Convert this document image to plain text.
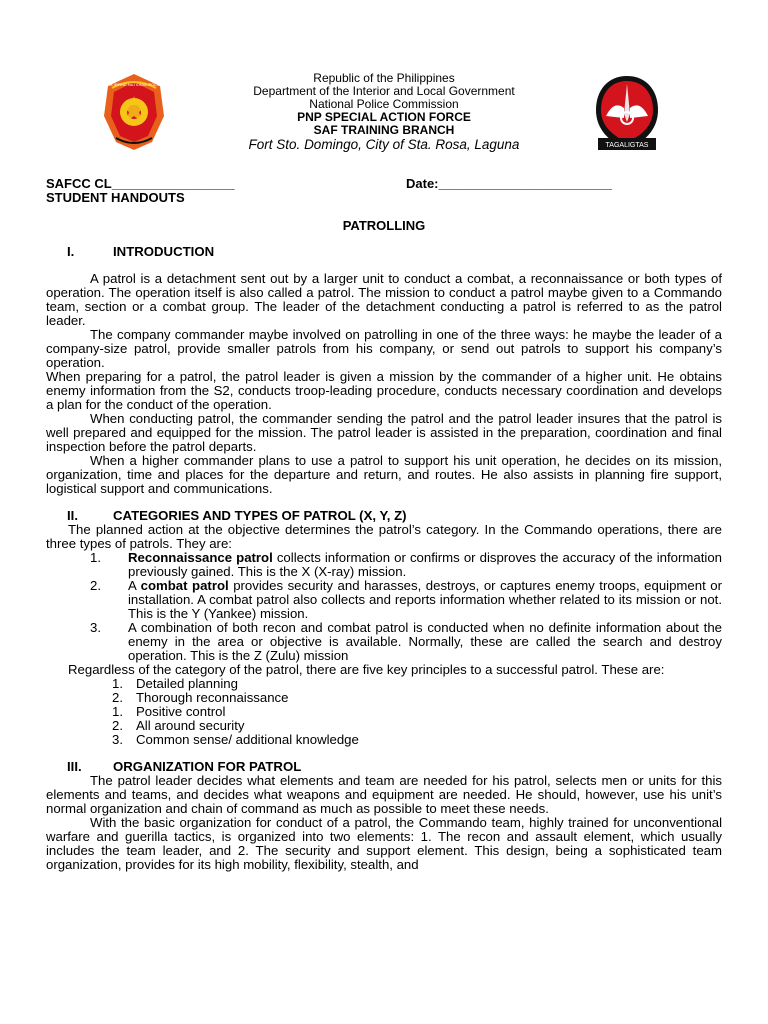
PHILIPPINE NATIONAL POLICE	Republic of the Philippines
Department of the Interior and Local Government
National Police Commission
PNP SPECIAL ACTION FORCE
SAF TRAINING BRANCH
Fort Sto. Domingo, City of Sta. Rosa, Laguna	TAGALIGTAS
SAFCC CL_________________	Date:________________________
STUDENT HANDOUTS
PATROLLING
I.	INTRODUCTION

A patrol is a detachment sent out by a larger unit to conduct a combat, a reconnaissance or both types of operation. The operation itself is also called a patrol. The mission to conduct a patrol maybe given to a Commando team, section or a combat group. The leader of the detachment conducting a patrol is referred to as the patrol leader.

The company commander maybe involved on patrolling in one of the three ways: he maybe the leader of a company-size patrol, provide smaller patrols from his company, or send out patrols to support his company’s operation.

When preparing for a patrol, the patrol leader is given a mission by the commander of a higher unit. He obtains enemy information from the S2, conducts troop-leading procedure, conducts necessary coordination and develops a plan for the conduct of the operation.

When conducting patrol, the commander sending the patrol and the patrol leader insures that the patrol is well prepared and equipped for the mission. The patrol leader is assisted in the preparation, coordination and final inspection before the patrol departs.

When a higher commander plans to use a patrol to support his unit operation, he decides on its mission, organization, time and places for the departure and return, and routes. He also assists in planning fire support, logistical support and communications.

II.	CATEGORIES AND TYPES OF PATROL (X, Y, Z)

The planned action at the objective determines the patrol’s category. In the Commando operations, there are three types of patrols. They are:

1. Reconnaissance patrol collects information or confirms or disproves the accuracy of the information previously gained. This is the X (X-ray) mission.
2. A combat patrol provides security and harasses, destroys, or captures enemy troops, equipment or installation. A combat patrol also collects and reports information whether related to its mission or not. This is the Y (Yankee) mission.
3. A combination of both recon and combat patrol is conducted when no definite information about the enemy in the area or objective is available. Normally, these are called the search and destroy operation. This is the Z (Zulu) mission

Regardless of the category of the patrol, there are five key principles to a successful patrol. These are:

1. Detailed planning
2. Thorough reconnaissance
1. Positive control
2. All around security
3. Common sense/ additional knowledge
III. ORGANIZATION FOR PATROL

The patrol leader decides what elements and team are needed for his patrol, selects men or units for this elements and teams, and decides what weapons and equipment are needed. He should, however, use his unit’s normal organization and chain of command as much as possible to meet these needs.

With the basic organization for conduct of a patrol, the Commando team, highly trained for unconventional warfare and guerilla tactics, is organized into two elements: 1. The recon and assault element, which usually includes the team leader, and 2. The security and support element. This design, being a sophisticated team organization, provides for its high mobility, flexibility, stealth, and
